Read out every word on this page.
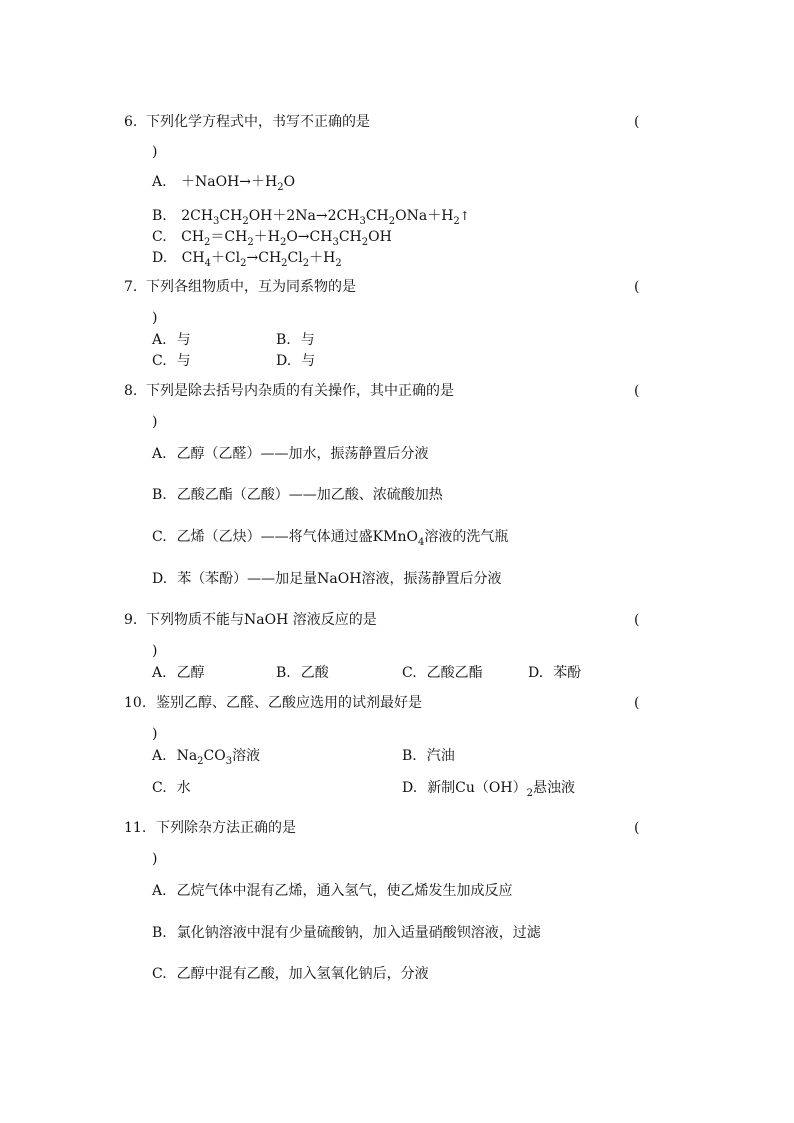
6. 下列化学方程式中，书写不正确的是	(
)
A. $+NaOH\to+H_2O$
B. $2CH_3CH_2OH+2Na\to 2CH_3CH_2ONa+H_2↑$
C. $CH_2=CH_2+H_2O\to CH_3CH_2OH$
D. $CH_4+Cl_2\to CH_2Cl_2+H_2$
7. 下列各组物质中，互为同系物的是	(
)
A. 与	B. 与
C. 与	D. 与
8. 下列是除去括号内杂质的有关操作，其中正确的是	(
)
A. 乙醇（乙醛）——加水，振荡静置后分液
B. 乙酸乙酯（乙酸）——加乙酸、浓硫酸加热
C. 乙烯（乙炔）——将气体通过盛KMnO$_4$溶液的洗气瓶
D. 苯（苯酚）——加足量NaOH溶液，振荡静置后分液
9. 下列物质不能与NaOH 溶液反应的是	(
)
A. 乙醇	B. 乙酸	C. 乙酸乙酯	D. 苯酚
10. 鉴别乙醇、乙醛、乙酸应选用的试剂最好是	(
)
A. $Na_2CO_3$溶液	B. 汽油
C. 水	D. 新制$Cu(OH)_2$悬浊液
11. 下列除杂方法正确的是	(
)
A. 乙烷气体中混有乙烯，通入氢气，使乙烯发生加成反应
B. 氯化钠溶液中混有少量硫酸钠，加入适量硝酸钡溶液，过滤
C. 乙醇中混有乙酸，加入氢氧化钠后，分液
